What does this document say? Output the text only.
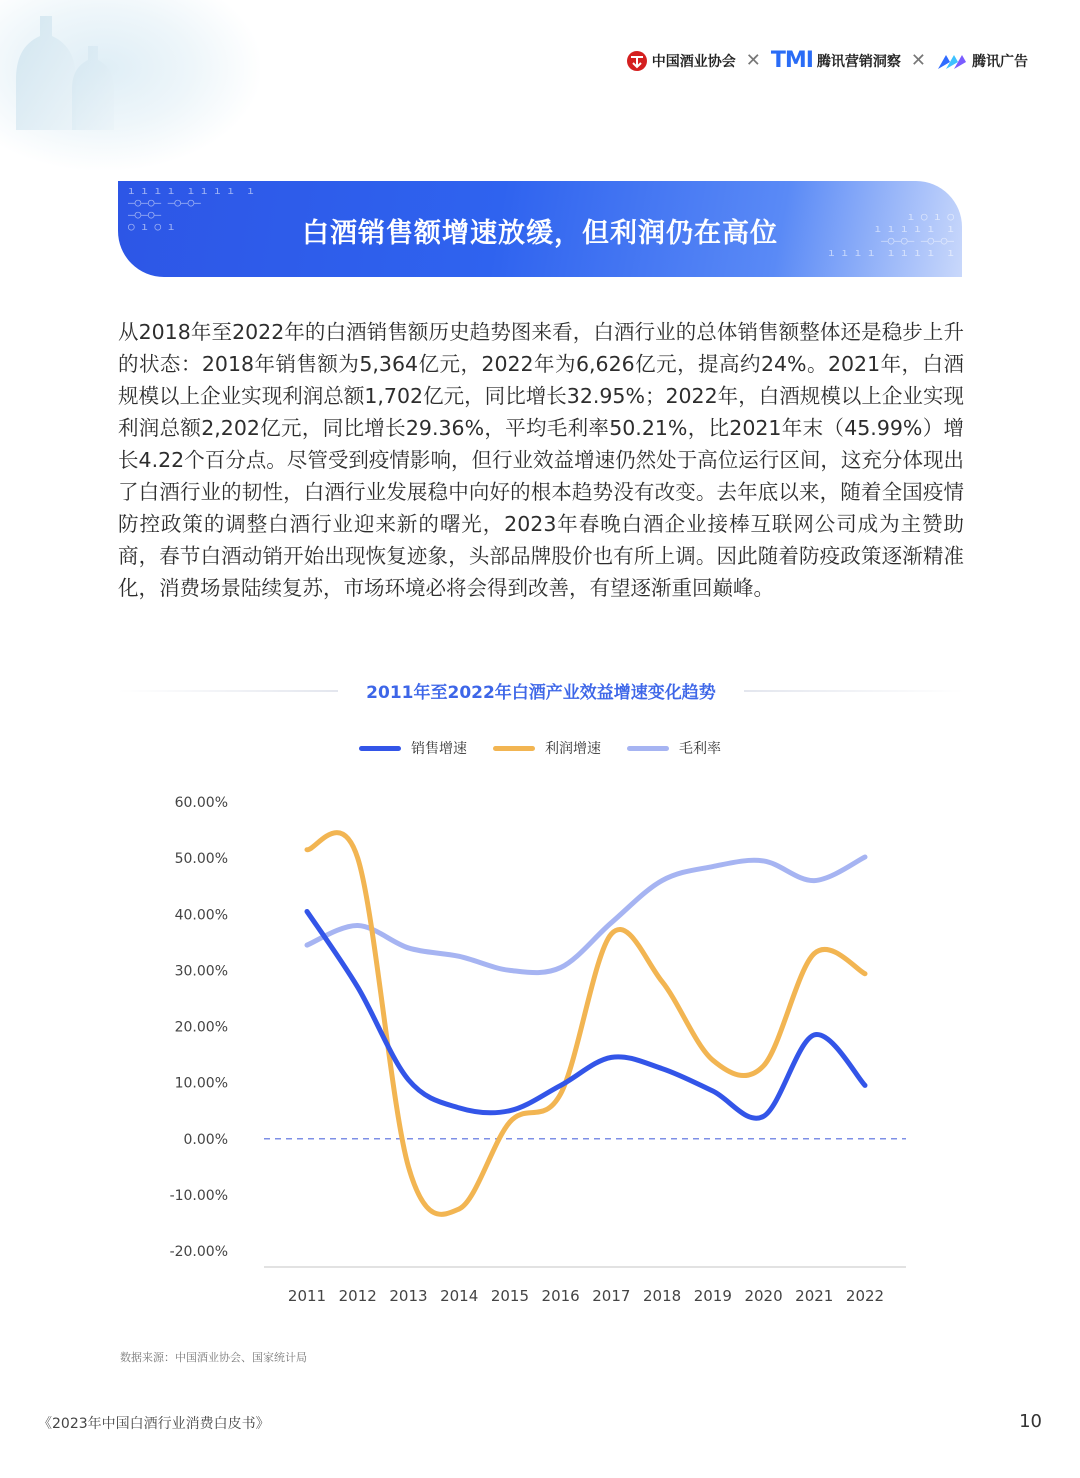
中国酒业协会 ✕ TMI 腾讯营销洞察 ✕	腾讯广告
ı ı ı ı  ı ı ı ı  ı
—○—○— —○—○—
—○—○—
○ ı ○ ı
ı ○ ı ○
ı ı ı ı ı  ı
—○—○— —○—○—
ı ı ı ı  ı ı ı ı  ı
白酒销售额增速放缓，但利润仍在高位
从2018年至2022年的白酒销售额历史趋势图来看，白酒行业的总体销售额整体还是稳步上升的状态：2018年销售额为5,364亿元，2022年为6,626亿元，提高约24%。2021年，白酒规模以上企业实现利润总额1,702亿元，同比增长32.95%；2022年，白酒规模以上企业实现利润总额2,202亿元，同比增长29.36%，平均毛利率50.21%，比2021年末（45.99%）增长4.22个百分点。尽管受到疫情影响，但行业效益增速仍然处于高位运行区间，这充分体现出了白酒行业的韧性，白酒行业发展稳中向好的根本趋势没有改变。去年底以来，随着全国疫情防控政策的调整白酒行业迎来新的曙光，2023年春晚白酒企业接棒互联网公司成为主赞助商，春节白酒动销开始出现恢复迹象，头部品牌股价也有所上调。因此随着防疫政策逐渐精准化，消费场景陆续复苏，市场环境必将会得到改善，有望逐渐重回巅峰。
2011年至2022年白酒产业效益增速变化趋势
销售增速	利润增速	毛利率
60.00%
50.00%
40.00%
30.00%
20.00%
10.00%
0.00%
-10.00%
-20.00%
2011 2012 2013 2014 2015 2016 2017 2018 2019 2020 2021 2022
数据来源：中国酒业协会、国家统计局
《2023年中国白酒行业消费白皮书》	10
